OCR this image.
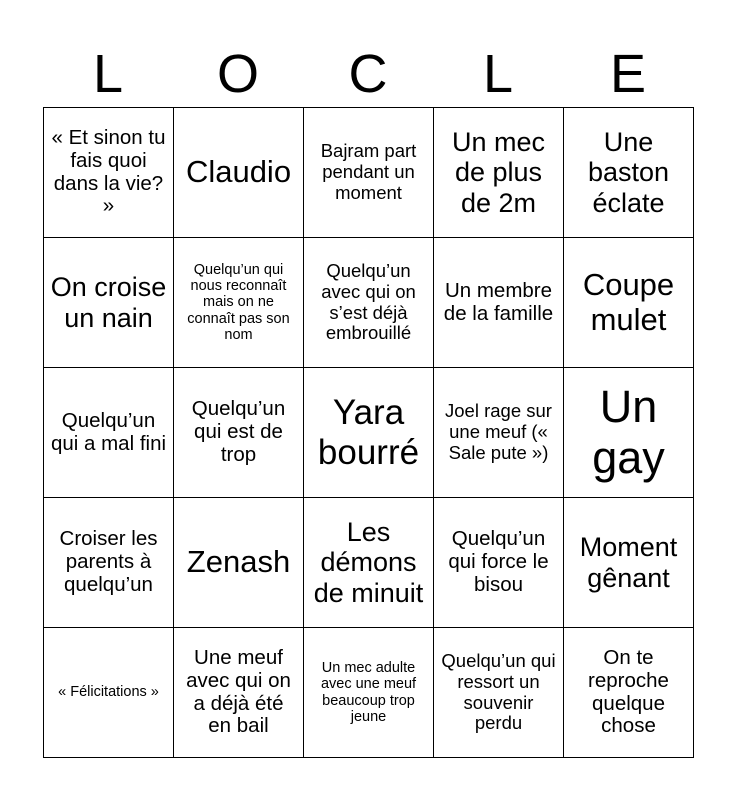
L	O	C	L	E
« Et sinon tu fais quoi dans la vie? »	Claudio	Bajram part pendant un moment	Un mec de plus de 2m	Une baston éclate
On croise un nain	Quelqu’un qui nous reconnaît mais on ne connaît pas son nom	Quelqu’un avec qui on s’est déjà embrouillé	Un membre de la famille	Coupe mulet
Quelqu’un qui a mal fini	Quelqu’un qui est de trop	Yara bourré	Joel rage sur une meuf (« Sale pute »)	Un gay
Croiser les parents à quelqu’un	Zenash	Les démons de minuit	Quelqu’un qui force le bisou	Moment gênant
« Félicitations »	Une meuf avec qui on a déjà été en bail	Un mec adulte avec une meuf beaucoup trop jeune	Quelqu’un qui ressort un souvenir perdu	On te reproche quelque chose
